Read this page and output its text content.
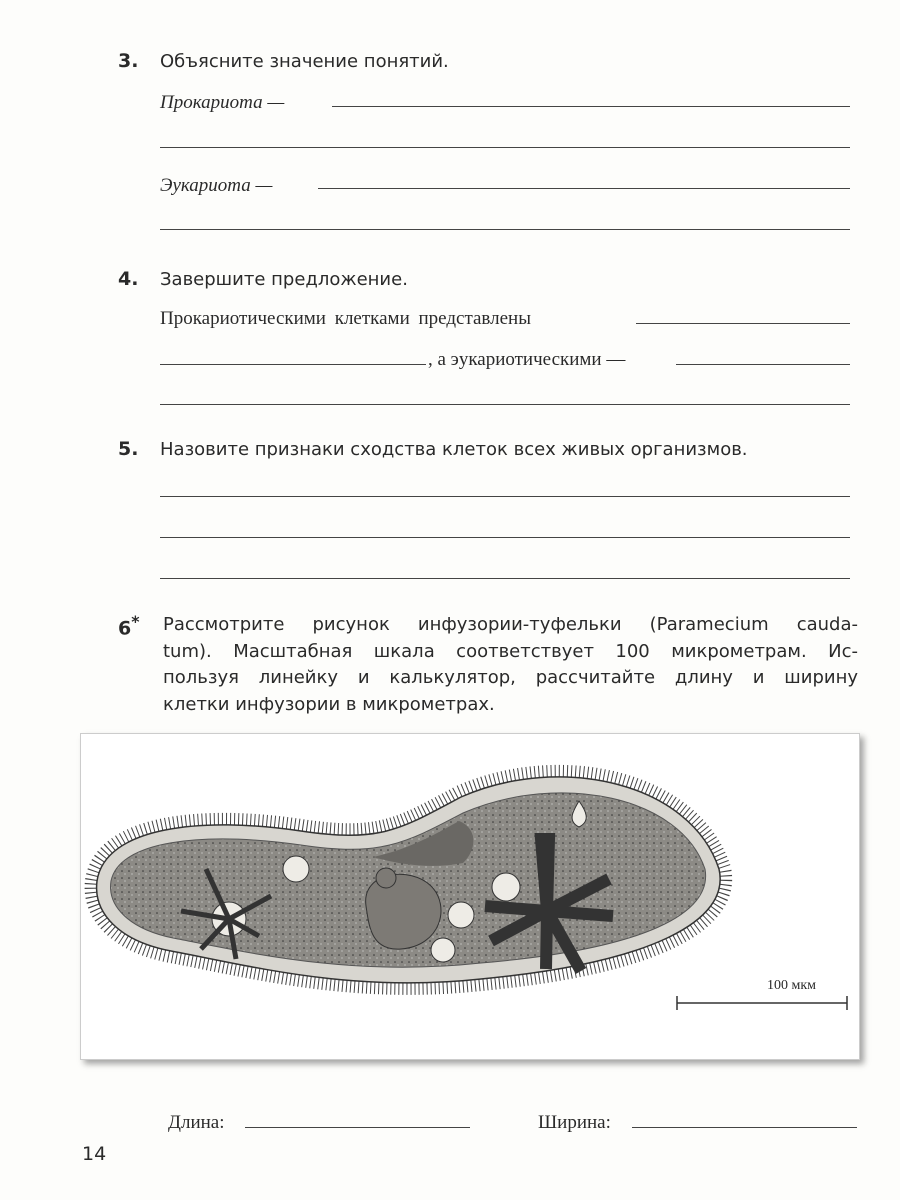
3. Объясните значение понятий.
Прокариота —
Эукариота —
4. Завершите предложение.
Прокариотическими клетками представлены
, а эукариотическими —
5. Назовите признаки сходства клеток всех живых организмов.
6* Рассмотрите рисунок инфузории-туфельки (Paramecium cauda-
tum). Масштабная шкала соответствует 100 микрометрам. Ис-
пользуя линейку и калькулятор, рассчитайте длину и ширину
клетки инфузории в микрометрах.
100 мкм
Длина:	Ширина:
14
